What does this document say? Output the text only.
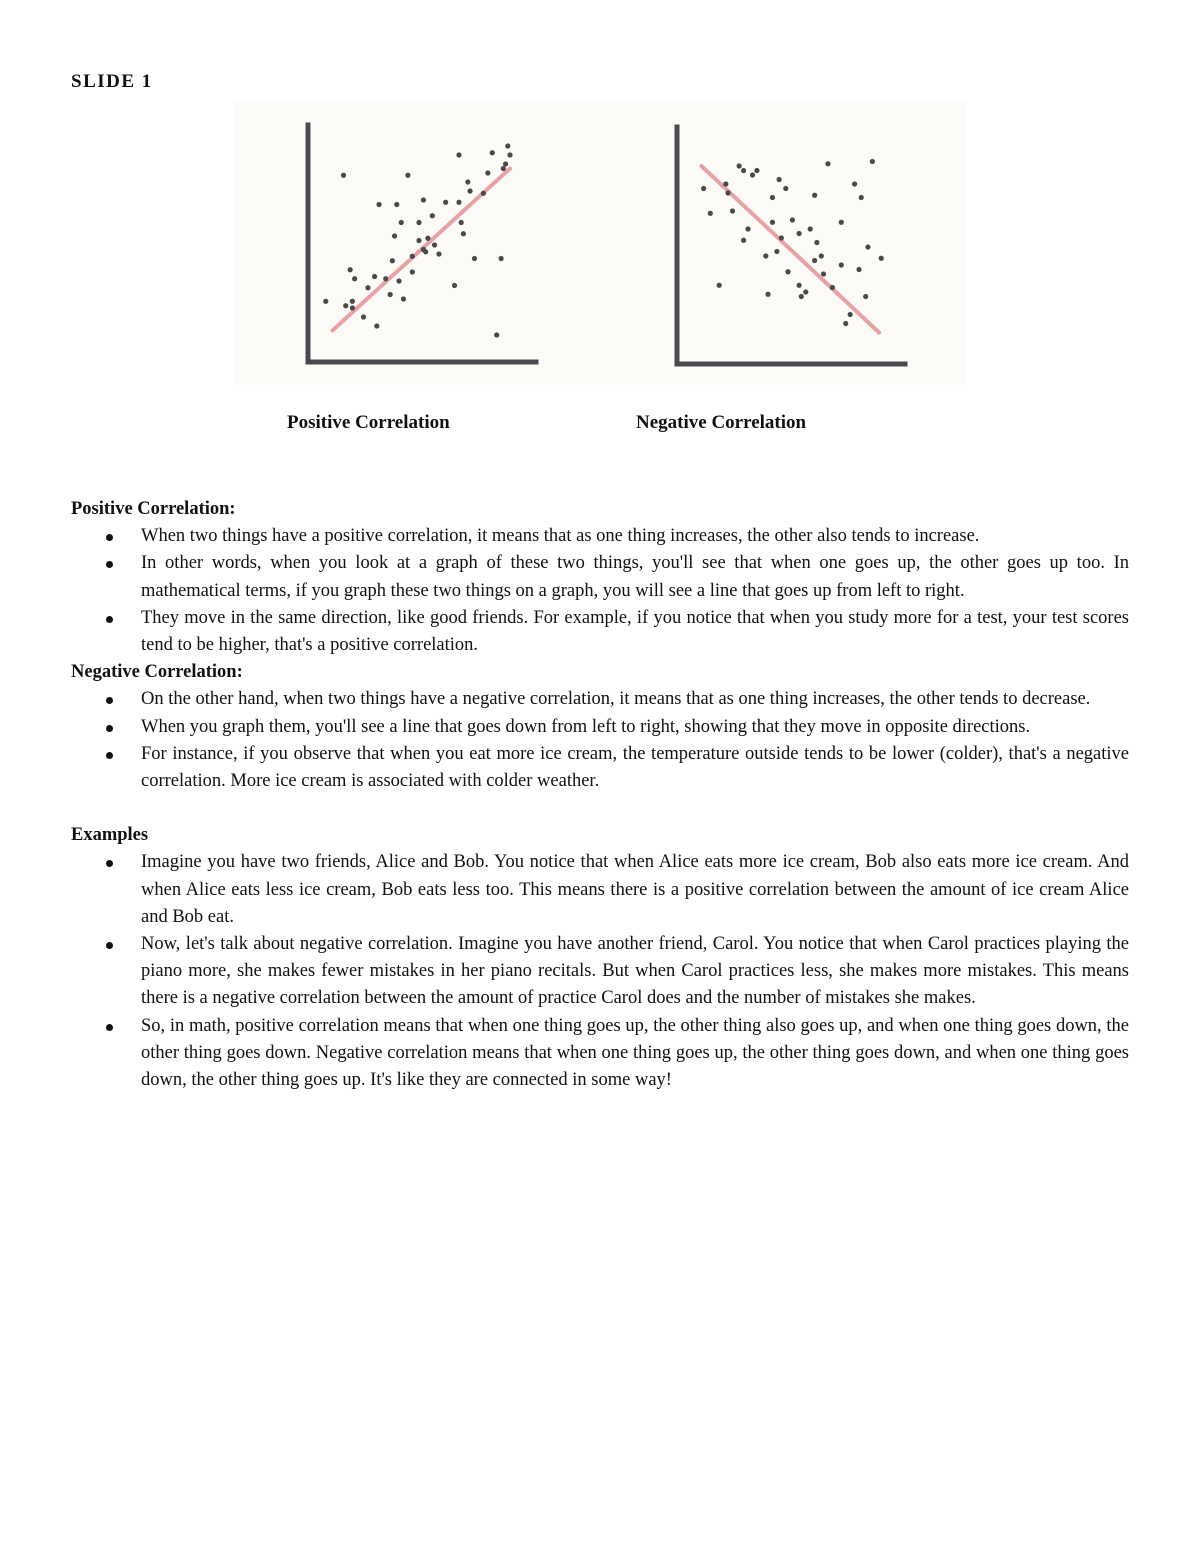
SLIDE 1
Positive Correlation	Negative Correlation

Positive Correlation:

When two things have a positive correlation, it means that as one thing increases, the other also tends to increase.
In other words, when you look at a graph of these two things, you'll see that when one goes up, the other goes up too. In mathematical terms, if you graph these two things on a graph, you will see a line that goes up from left to right.
They move in the same direction, like good friends. For example, if you notice that when you study more for a test, your test scores tend to be higher, that's a positive correlation.

Negative Correlation:

On the other hand, when two things have a negative correlation, it means that as one thing increases, the other tends to decrease.
When you graph them, you'll see a line that goes down from left to right, showing that they move in opposite directions.
For instance, if you observe that when you eat more ice cream, the temperature outside tends to be lower (colder), that's a negative correlation. More ice cream is associated with colder weather.

Examples

Imagine you have two friends, Alice and Bob. You notice that when Alice eats more ice cream, Bob also eats more ice cream. And when Alice eats less ice cream, Bob eats less too. This means there is a positive correlation between the amount of ice cream Alice and Bob eat.
Now, let's talk about negative correlation. Imagine you have another friend, Carol. You notice that when Carol practices playing the piano more, she makes fewer mistakes in her piano recitals. But when Carol practices less, she makes more mistakes. This means there is a negative correlation between the amount of practice Carol does and the number of mistakes she makes.
So, in math, positive correlation means that when one thing goes up, the other thing also goes up, and when one thing goes down, the other thing goes down. Negative correlation means that when one thing goes up, the other thing goes down, and when one thing goes down, the other thing goes up. It's like they are connected in some way!
